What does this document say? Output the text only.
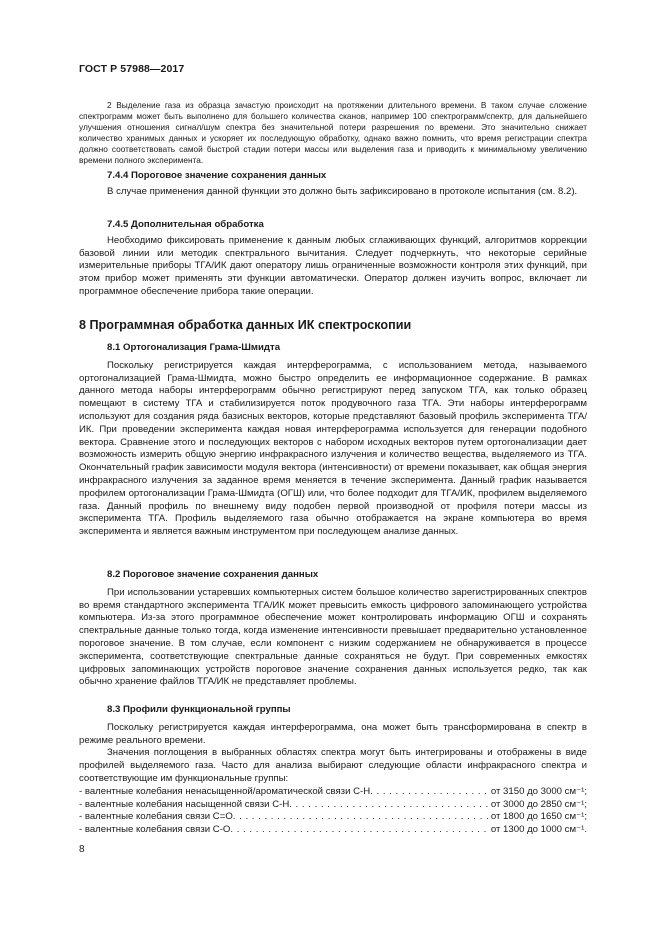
ГОСТ Р 57988—2017

2 Выделение газа из образца зачастую происходит на протяжении длительного времени. В таком случае сложение спектрограмм может быть выполнено для большего количества сканов, например 100 спектрограмм/спектр, для дальнейшего улучшения отношения сигнал/шум спектра без значительной потери разрешения по времени. Это значительно снижает количество хранимых данных и ускоряет их последующую обработку, однако важно помнить, что время регистрации спектра должно соответствовать самой быстрой стадии потери массы или выделения газа и приводить к минимальному увеличению времени полного эксперимента.

7.4.4 Пороговое значение сохранения данных

В случае применения данной функции это должно быть зафиксировано в протоколе испытания (см. 8.2).

7.4.5 Дополнительная обработка

Необходимо фиксировать применение к данным любых сглаживающих функций, алгоритмов коррекции базовой линии или методик спектрального вычитания. Следует подчеркнуть, что некоторые серийные измерительные приборы ТГА/ИК дают оператору лишь ограниченные возможности контроля этих функций, при этом прибор может применять эти функции автоматически. Оператор должен изучить вопрос, включает ли программное обеспечение прибора такие операции.

8 Программная обработка данных ИК спектроскопии
8.1 Ортогонализация Грама-Шмидта

Поскольку регистрируется каждая интерферограмма, с использованием метода, называемого ортогонализацией Грама-Шмидта, можно быстро определить ее информационное содержание. В рамках данного метода наборы интерферограмм обычно регистрируют перед запуском ТГА, как только образец помещают в систему ТГА и стабилизируется поток продувочного газа ТГА. Эти наборы интерферограмм используют для создания ряда базисных векторов, которые представляют базовый профиль эксперимента ТГА/ИК. При проведении эксперимента каждая новая интерферограмма используется для генерации подобного вектора. Сравнение этого и последующих векторов с набором исходных векторов путем ортогонализации дает возможность измерить общую энергию инфракрасного излучения и количество вещества, выделяемого из ТГА. Окончательный график зависимости модуля вектора (интенсивности) от времени показывает, как общая энергия инфракрасного излучения за заданное время меняется в течение эксперимента. Данный график называется профилем ортогонализации Грама-Шмидта (ОГШ) или, что более подходит для ТГА/ИК, профилем выделяемого газа. Данный профиль по внешнему виду подобен первой производной от профиля потери массы из эксперимента ТГА. Профиль выделяемого газа обычно отображается на экране компьютера во время эксперимента и является важным инструментом при последующем анализе данных.

8.2 Пороговое значение сохранения данных

При использовании устаревших компьютерных систем большое количество зарегистрированных спектров во время стандартного эксперимента ТГА/ИК может превысить емкость цифрового запоминающего устройства компьютера. Из-за этого программное обеспечение может контролировать информацию ОГШ и сохранять спектральные данные только тогда, когда изменение интенсивности превышает предварительно установленное пороговое значение. В том случае, если компонент с низким содержанием не обнаруживается в процессе эксперимента, соответствующие спектральные данные сохраняться не будут. При современных емкостях цифровых запоминающих устройств пороговое значение сохранения данных используется редко, так как обычно хранение файлов ТГА/ИК не представляет проблемы.

8.3 Профили функциональной группы

Поскольку регистрируется каждая интерферограмма, она может быть трансформирована в спектр в режиме реального времени.

Значения поглощения в выбранных областях спектра могут быть интегрированы и отображены в виде профилей выделяемого газа. Часто для анализа выбирают следующие области инфракрасного спектра и соответствующие им функциональные группы:

- валентные колебания ненасыщенной/ароматической связи С-Н . . .	от 3150 до 3000 см⁻¹;
- валентные колебания насыщенной связи С-Н . . .	от 3000 до 2850 см⁻¹;
- валентные колебания связи С=O . . .	от 1800 до 1650 см⁻¹;
- валентные колебания связи С-O . . .	от 1300 до 1000 см⁻¹.
8
